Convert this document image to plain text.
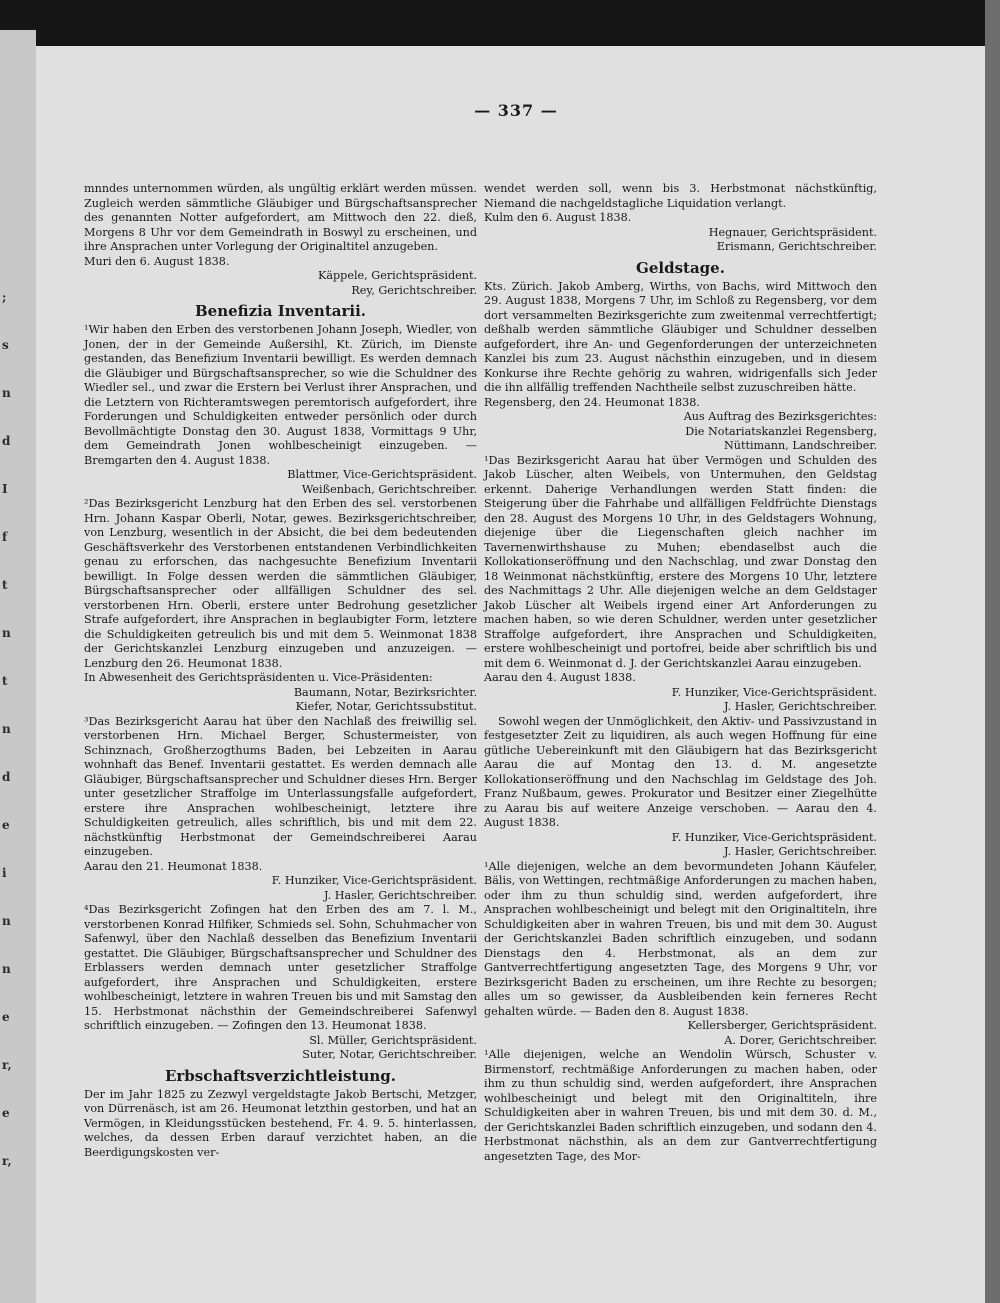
;
s
n
d
I
f
t
n
t
n
d
e
i
n
n
e
r,
e
r,
— 337 —

mnndes unternommen würden, als ungültig erklärt werden müssen. Zugleich werden sämmtliche Gläubiger und Bürgschaftsansprecher des genannten Notter aufgefordert, am Mittwoch den 22. dieß, Morgens 8 Uhr vor dem Gemeindrath in Boswyl zu erscheinen, und ihre Ansprachen unter Vorlegung der Originaltitel anzugeben.

Muri den 6. August 1838.

Käppele, Gerichtspräsident.

Rey, Gerichtschreiber.

Benefizia Inventarii.

¹Wir haben den Erben des verstorbenen Johann Joseph, Wiedler, von Jonen, der in der Gemeinde Außersihl, Kt. Zürich, im Dienste gestanden, das Benefizium Inventarii bewilligt. Es werden demnach die Gläubiger und Bürgschaftsansprecher, so wie die Schuldner des Wiedler sel., und zwar die Erstern bei Verlust ihrer Ansprachen, und die Letztern von Richteramtswegen peremtorisch aufgefordert, ihre Forderungen und Schuldigkeiten entweder persönlich oder durch Bevollmächtigte Donstag den 30. August 1838, Vormittags 9 Uhr, dem Gemeindrath Jonen wohlbescheinigt einzugeben. — Bremgarten den 4. August 1838.

Blattmer, Vice-Gerichtspräsident.

Weißenbach, Gerichtschreiber.

²Das Bezirksgericht Lenzburg hat den Erben des sel. verstorbenen Hrn. Johann Kaspar Oberli, Notar, gewes. Bezirksgerichtschreiber, von Lenzburg, wesentlich in der Absicht, die bei dem bedeutenden Geschäftsverkehr des Verstorbenen entstandenen Verbindlichkeiten genau zu erforschen, das nachgesuchte Benefizium Inventarii bewilligt. In Folge dessen werden die sämmtlichen Gläubiger, Bürgschaftsansprecher oder allfälligen Schuldner des sel. verstorbenen Hrn. Oberli, erstere unter Bedrohung gesetzlicher Strafe aufgefordert, ihre Ansprachen in beglaubigter Form, letztere die Schuldigkeiten getreulich bis und mit dem 5. Weinmonat 1838 der Gerichtskanzlei Lenzburg einzugeben und anzuzeigen. — Lenzburg den 26. Heumonat 1838.

In Abwesenheit des Gerichtspräsidenten u. Vice-Präsidenten:

Baumann, Notar, Bezirksrichter.

Kiefer, Notar, Gerichtssubstitut.

³Das Bezirksgericht Aarau hat über den Nachlaß des freiwillig sel. verstorbenen Hrn. Michael Berger, Schustermeister, von Schinznach, Großherzogthums Baden, bei Lebzeiten in Aarau wohnhaft das Benef. Inventarii gestattet. Es werden demnach alle Gläubiger, Bürgschaftsansprecher und Schuldner dieses Hrn. Berger unter gesetzlicher Straffolge im Unterlassungsfalle aufgefordert, erstere ihre Ansprachen wohlbescheinigt, letztere ihre Schuldigkeiten getreulich, alles schriftlich, bis und mit dem 22. nächstkünftig Herbstmonat der Gemeindschreiberei Aarau einzugeben.

Aarau den 21. Heumonat 1838.

F. Hunziker, Vice-Gerichtspräsident.

J. Hasler, Gerichtschreiber.

⁴Das Bezirksgericht Zofingen hat den Erben des am 7. l. M., verstorbenen Konrad Hilfiker, Schmieds sel. Sohn, Schuhmacher von Safenwyl, über den Nachlaß desselben das Benefizium Inventarii gestattet. Die Gläubiger, Bürgschaftsansprecher und Schuldner des Erblassers werden demnach unter gesetzlicher Straffolge aufgefordert, ihre Ansprachen und Schuldigkeiten, erstere wohlbescheinigt, letztere in wahren Treuen bis und mit Samstag den 15. Herbstmonat nächsthin der Gemeindschreiberei Safenwyl schriftlich einzugeben. — Zofingen den 13. Heumonat 1838.

Sl. Müller, Gerichtspräsident.

Suter, Notar, Gerichtschreiber.

Erbschaftsverzichtleistung.

Der im Jahr 1825 zu Zezwyl vergeldstagte Jakob Bertschi, Metzger, von Dürrenäsch, ist am 26. Heumonat letzthin gestorben, und hat an Vermögen, in Kleidungsstücken bestehend, Fr. 4. 9. 5. hinterlassen, welches, da dessen Erben darauf verzichtet haben, an die Beerdigungskosten ver-

wendet werden soll, wenn bis 3. Herbstmonat nächstkünftig, Niemand die nachgeldstagliche Liquidation verlangt.

Kulm den 6. August 1838.

Hegnauer, Gerichtspräsident.

Erismann, Gerichtschreiber.

Geldstage.

Kts. Zürich. Jakob Amberg, Wirths, von Bachs, wird Mittwoch den 29. August 1838, Morgens 7 Uhr, im Schloß zu Regensberg, vor dem dort versammelten Bezirksgerichte zum zweitenmal verrechtfertigt; deßhalb werden sämmtliche Gläubiger und Schuldner desselben aufgefordert, ihre An- und Gegenforderungen der unterzeichneten Kanzlei bis zum 23. August nächsthin einzugeben, und in diesem Konkurse ihre Rechte gehörig zu wahren, widrigenfalls sich Jeder die ihn allfällig treffenden Nachtheile selbst zuzuschreiben hätte.

Regensberg, den 24. Heumonat 1838.

Aus Auftrag des Bezirksgerichtes:

Die Notariatskanzlei Regensberg,

Nüttimann, Landschreiber.

¹Das Bezirksgericht Aarau hat über Vermögen und Schulden des Jakob Lüscher, alten Weibels, von Untermuhen, den Geldstag erkennt. Daherige Verhandlungen werden Statt finden: die Steigerung über die Fahrhabe und allfälligen Feldfrüchte Dienstags den 28. August des Morgens 10 Uhr, in des Geldstagers Wohnung, diejenige über die Liegenschaften gleich nachher im Tavernenwirthshause zu Muhen; ebendaselbst auch die Kollokationseröffnung und den Nachschlag, und zwar Donstag den 18 Weinmonat nächstkünftig, erstere des Morgens 10 Uhr, letztere des Nachmittags 2 Uhr. Alle diejenigen welche an dem Geldstager Jakob Lüscher alt Weibels irgend einer Art Anforderungen zu machen haben, so wie deren Schuldner, werden unter gesetzlicher Straffolge aufgefordert, ihre Ansprachen und Schuldigkeiten, erstere wohlbescheinigt und portofrei, beide aber schriftlich bis und mit dem 6. Weinmonat d. J. der Gerichtskanzlei Aarau einzugeben.

Aarau den 4. August 1838.

F. Hunziker, Vice-Gerichtspräsident.

J. Hasler, Gerichtschreiber.

Sowohl wegen der Unmöglichkeit, den Aktiv- und Passivzustand in festgesetzter Zeit zu liquidiren, als auch wegen Hoffnung für eine gütliche Uebereinkunft mit den Gläubigern hat das Bezirksgericht Aarau die auf Montag den 13. d. M. angesetzte Kollokationseröffnung und den Nachschlag im Geldstage des Joh. Franz Nußbaum, gewes. Prokurator und Besitzer einer Ziegelhütte zu Aarau bis auf weitere Anzeige verschoben. — Aarau den 4. August 1838.

F. Hunziker, Vice-Gerichtspräsident.

J. Hasler, Gerichtschreiber.

¹Alle diejenigen, welche an dem bevormundeten Johann Käufeler, Bälis, von Wettingen, rechtmäßige Anforderungen zu machen haben, oder ihm zu thun schuldig sind, werden aufgefordert, ihre Ansprachen wohlbescheinigt und belegt mit den Originaltiteln, ihre Schuldigkeiten aber in wahren Treuen, bis und mit dem 30. August der Gerichtskanzlei Baden schriftlich einzugeben, und sodann Dienstags den 4. Herbstmonat, als an dem zur Gantverrechtfertigung angesetzten Tage, des Morgens 9 Uhr, vor Bezirksgericht Baden zu erscheinen, um ihre Rechte zu besorgen; alles um so gewisser, da Ausbleibenden kein ferneres Recht gehalten würde. — Baden den 8. August 1838.

Kellersberger, Gerichtspräsident.

A. Dorer, Gerichtschreiber.

¹Alle diejenigen, welche an Wendolin Würsch, Schuster v. Birmenstorf, rechtmäßige Anforderungen zu machen haben, oder ihm zu thun schuldig sind, werden aufgefordert, ihre Ansprachen wohlbescheinigt und belegt mit den Originaltiteln, ihre Schuldigkeiten aber in wahren Treuen, bis und mit dem 30. d. M., der Gerichtskanzlei Baden schriftlich einzugeben, und sodann den 4. Herbstmonat nächsthin, als an dem zur Gantverrechtfertigung angesetzten Tage, des Mor-
